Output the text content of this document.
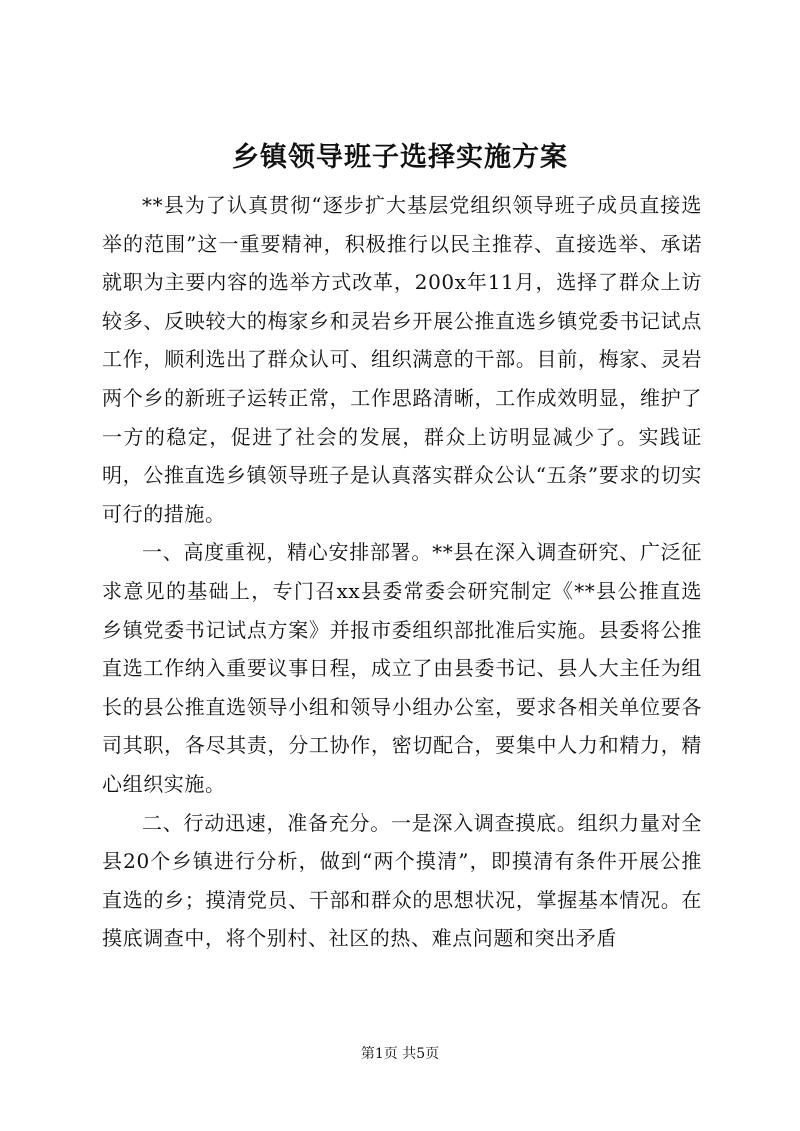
乡镇领导班子选择实施方案

**县为了认真贯彻“逐步扩大基层党组织领导班子成员直接选举的范围”这一重要精神，积极推行以民主推荐、直接选举、承诺就职为主要内容的选举方式改革，200x年11月，选择了群众上访较多、反映较大的梅家乡和灵岩乡开展公推直选乡镇党委书记试点工作，顺利选出了群众认可、组织满意的干部。目前，梅家、灵岩两个乡的新班子运转正常，工作思路清晰，工作成效明显，维护了一方的稳定，促进了社会的发展，群众上访明显减少了。实践证明，公推直选乡镇领导班子是认真落实群众公认“五条”要求的切实可行的措施。

一、高度重视，精心安排部署。**县在深入调查研究、广泛征求意见的基础上，专门召xx县委常委会研究制定《**县公推直选乡镇党委书记试点方案》并报市委组织部批准后实施。县委将公推直选工作纳入重要议事日程，成立了由县委书记、县人大主任为组长的县公推直选领导小组和领导小组办公室，要求各相关单位要各司其职，各尽其责，分工协作，密切配合，要集中人力和精力，精心组织实施。

二、行动迅速，准备充分。一是深入调查摸底。组织力量对全县20个乡镇进行分析，做到“两个摸清”，即摸清有条件开展公推直选的乡；摸清党员、干部和群众的思想状况，掌握基本情况。在摸底调查中，将个别村、社区的热、难点问题和突出矛盾

第1页 共5页
